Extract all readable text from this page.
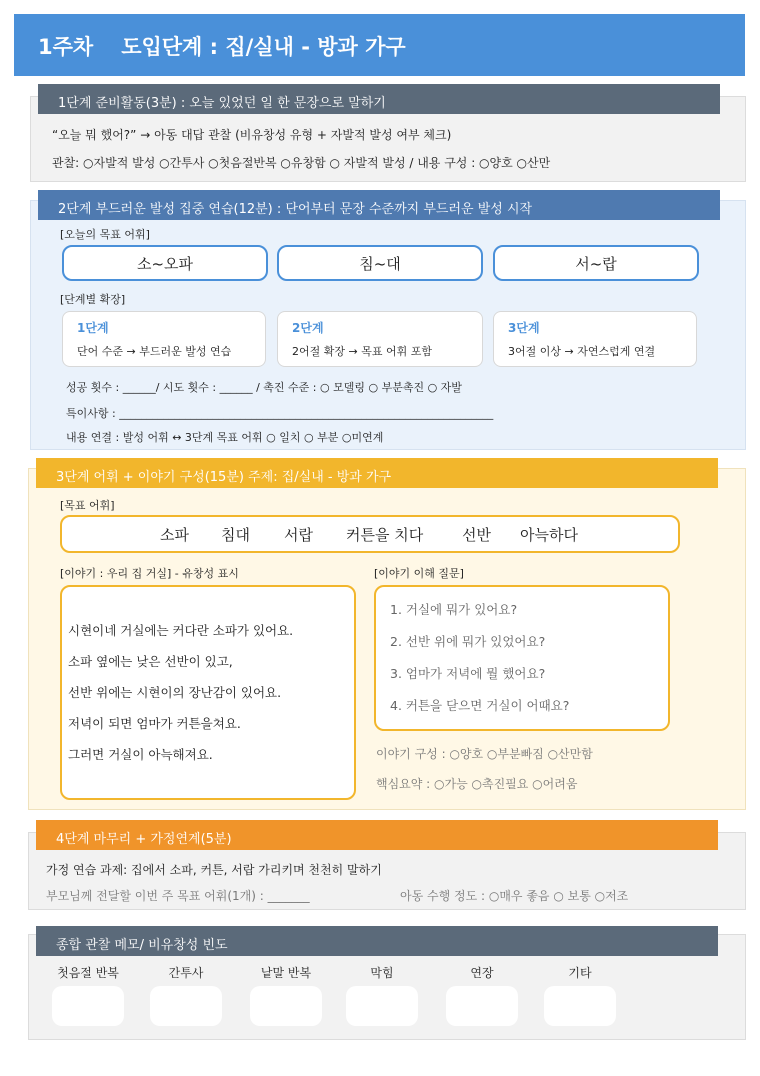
1주차 도입단계 : 집/실내 - 방과 가구
1단계 준비활동(3분) : 오늘 있었던 일 한 문장으로 말하기
“오늘 뭐 했어?” → 아동 대답 관찰 (비유창성 유형 + 자발적 발성 여부 체크)
관찰: ○자발적 발성 ○간투사 ○첫음절반복 ○유창함 ○ 자발적 발성 / 내용 구성 : ○양호 ○산만
2단계 부드러운 발성 집중 연습(12분) : 단어부터 문장 수준까지 부드러운 발성 시작
[오늘의 목표 어휘]
소~오파	침~대	서~랍
[단계별 확장]
1단계
단어 수준 → 부드러운 발성 연습
2단계
2어절 확장 → 목표 어휘 포함
3단계
3어절 이상 → 자연스럽게 연결
성공 횟수 : ______/ 시도 횟수 : ______ / 촉진 수준 : ○ 모델링 ○ 부분촉진 ○ 자발
특이사항 : ____________________________________________________________________
내용 연결 : 발성 어휘 ↔ 3단계 목표 어휘 ○ 일치 ○ 부분 ○미연계
3단계 어휘 + 이야기 구성(15분) 주제: 집/실내 - 방과 가구
[목표 어휘]
소파 침대 서랍 커튼을 치다	선반 아늑하다
[이야기 : 우리 집 거실] - 유창성 표시
시현이네 거실에는 커다란 소파가 있어요.
소파 옆에는 낮은 선반이 있고,
선반 위에는 시현이의 장난감이 있어요.
저녁이 되면 엄마가 커튼을쳐요.
그러면 거실이 아늑해져요.
[이야기 이해 질문]
1. 거실에 뭐가 있어요?
2. 선반 위에 뭐가 있었어요?
3. 엄마가 저녁에 뭘 했어요?
4. 커튼을 닫으면 거실이 어때요?
이야기 구성 : ○양호 ○부분빠짐 ○산만함
핵심요약 : ○가능 ○촉진필요 ○어려움
4단계 마무리 + 가정연계(5분)
가정 연습 과제: 집에서 소파, 커튼, 서랍 가리키며 천천히 말하기
부모님께 전달할 이번 주 목표 어휘(1개) : _______	아동 수행 정도 : ○매우 좋음 ○ 보통 ○저조
종합 관찰 메모/ 비유창성 빈도
첫음절 반복	간투사	낱말 반복	막힘	연장	기타
